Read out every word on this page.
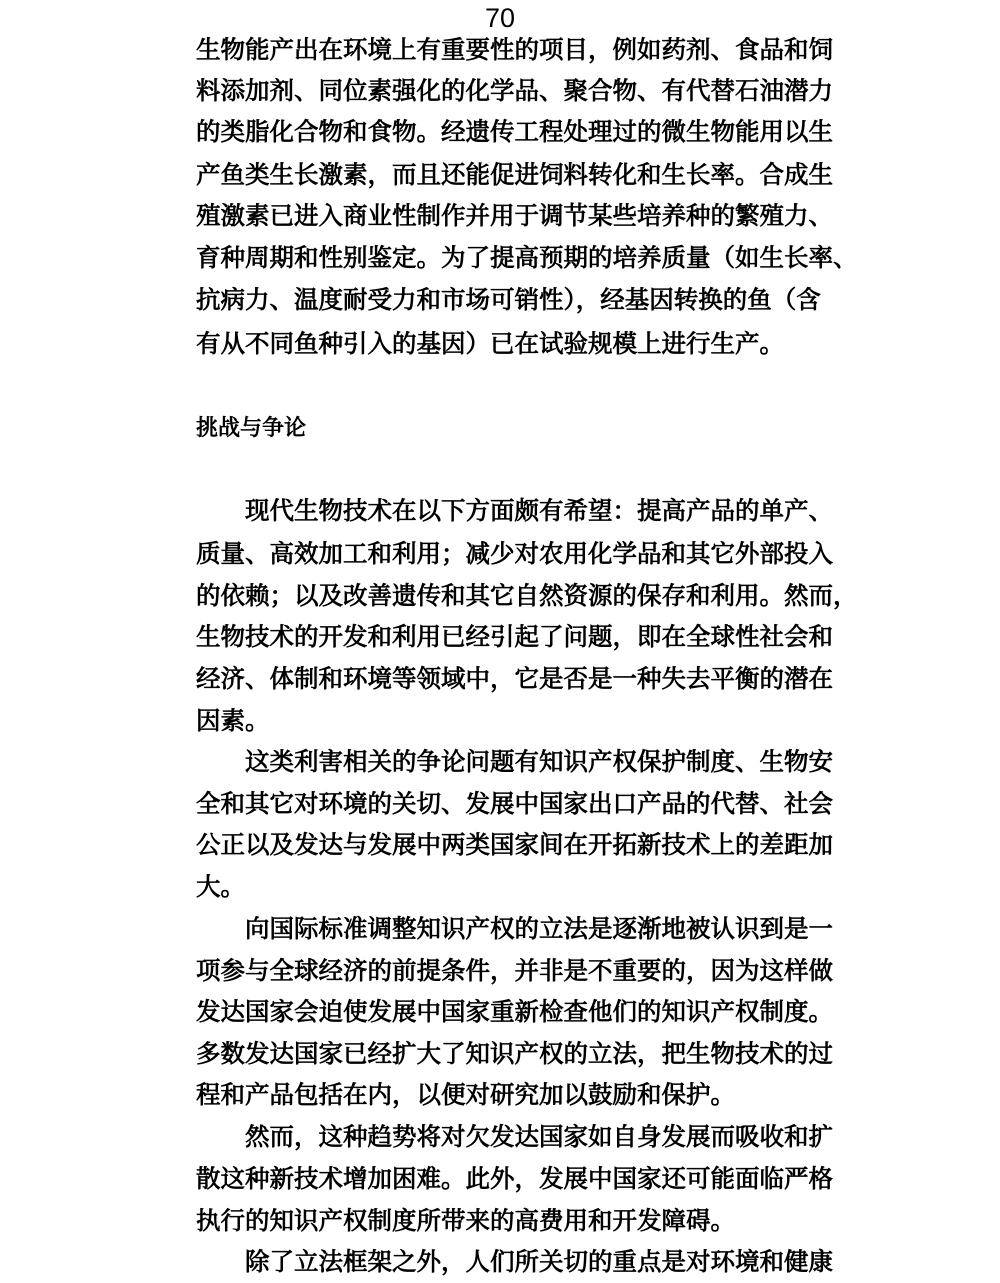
70
生物能产出在环境上有重要性的项目，例如药剂、食品和饲
料添加剂、同位素强化的化学品、聚合物、有代替石油潜力
的类脂化合物和食物。经遗传工程处理过的微生物能用以生
产鱼类生长激素，而且还能促进饲料转化和生长率。合成生
殖激素已进入商业性制作并用于调节某些培养种的繁殖力、
育种周期和性别鉴定。为了提高预期的培养质量（如生长率、
抗病力、温度耐受力和市场可销性），经基因转换的鱼（含
有从不同鱼种引入的基因）已在试验规模上进行生产。
挑战与争论
　　现代生物技术在以下方面颇有希望：提高产品的单产、
质量、高效加工和利用；减少对农用化学品和其它外部投入
的依赖；以及改善遗传和其它自然资源的保存和利用。然而，
生物技术的开发和利用已经引起了问题，即在全球性社会和
经济、体制和环境等领域中，它是否是一种失去平衡的潜在
因素。
　　这类利害相关的争论问题有知识产权保护制度、生物安
全和其它对环境的关切、发展中国家出口产品的代替、社会
公正以及发达与发展中两类国家间在开拓新技术上的差距加
大。
　　向国际标准调整知识产权的立法是逐渐地被认识到是一
项参与全球经济的前提条件，并非是不重要的，因为这样做
发达国家会迫使发展中国家重新检查他们的知识产权制度。
多数发达国家已经扩大了知识产权的立法，把生物技术的过
程和产品包括在内，以便对研究加以鼓励和保护。
　　然而，这种趋势将对欠发达国家如自身发展而吸收和扩
散这种新技术增加困难。此外，发展中国家还可能面临严格
执行的知识产权制度所带来的高费用和开发障碍。
　　除了立法框架之外，人们所关切的重点是对环境和健康
